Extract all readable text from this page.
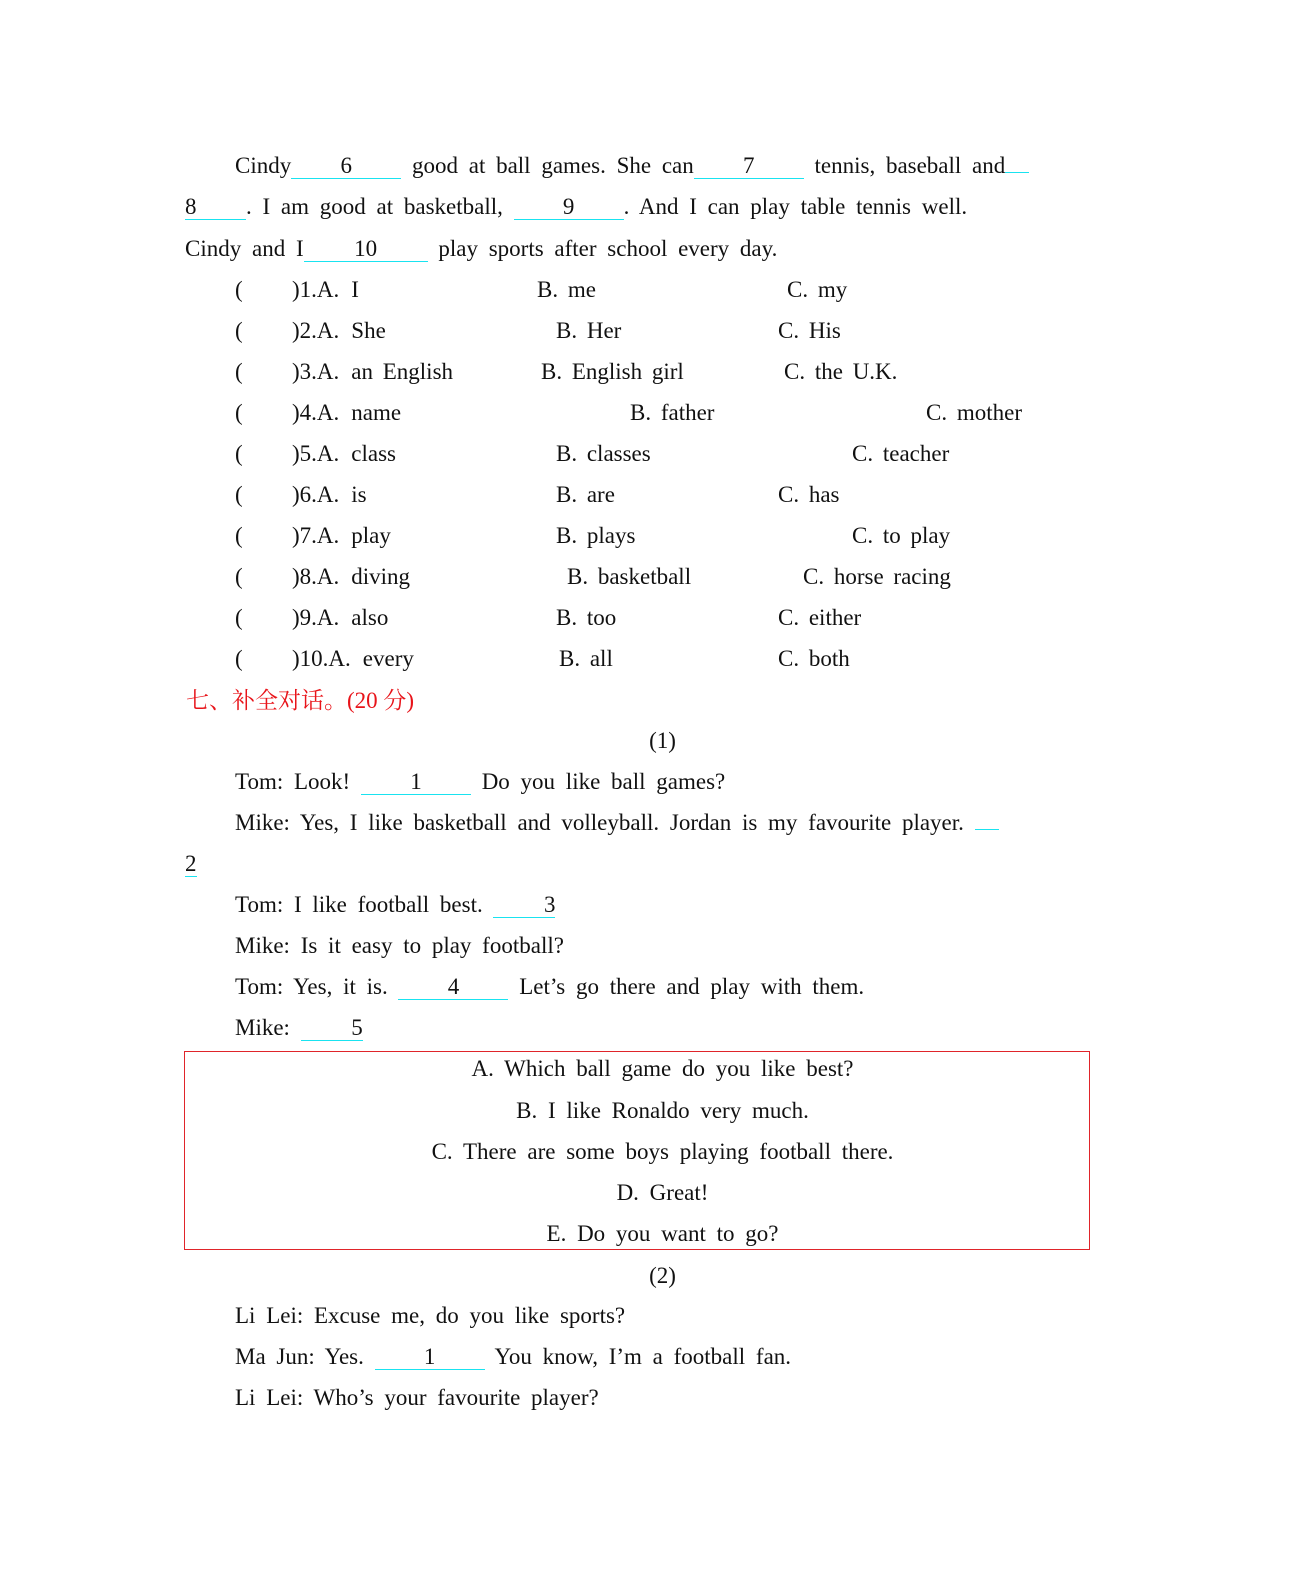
Cindy 6	good at ball games. She can 7	tennis, baseball and
8 . I am good at basketball,	9 . And I can play table tennis well.
Cindy and I 10	play sports after school every day.
( )1.A. I	B. me	C. my
( )2.A. She	B. Her	C. His
( )3.A. an English	B. English girl	C. the U.K.
( )4.A. name	B. father	C. mother
( )5.A. class	B. classes	C. teacher
( )6.A. is	B. are	C. has
( )7.A. play	B. plays	C. to play
( )8.A. diving	B. basketball	C. horse racing
( )9.A. also	B. too	C. either
( )10.A. every	B. all	C. both
七、补全对话。(20 分)
(1)
Tom: Look!	1	Do you like ball games?
Mike: Yes, I like basketball and volleyball. Jordan is my favourite player.
2
Tom: I like football best.	3
Mike: Is it easy to play football?
Tom: Yes, it is.	4	Let’s go there and play with them.
Mike:	5
A. Which ball game do you like best?
B. I like Ronaldo very much.
C. There are some boys playing football there.
D. Great!
E. Do you want to go?
(2)
Li Lei: Excuse me, do you like sports?
Ma Jun: Yes.	1	You know, I’m a football fan.
Li Lei: Who’s your favourite player?
